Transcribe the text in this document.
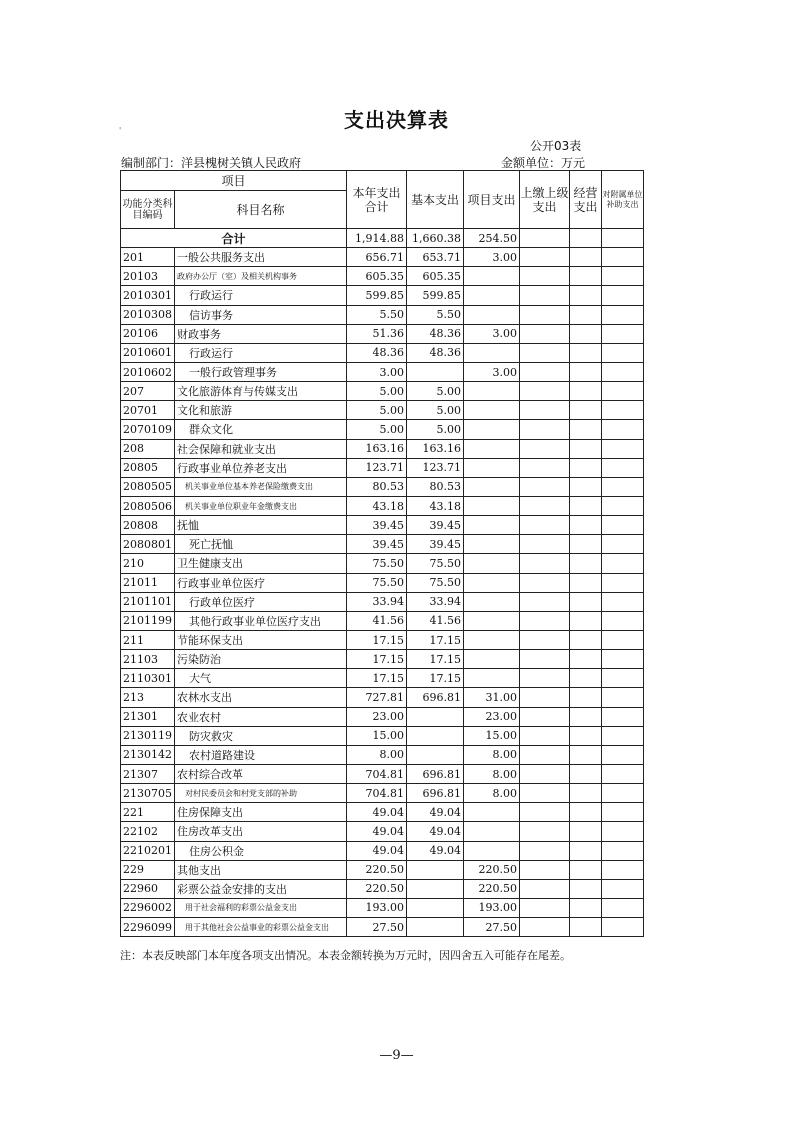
支出决算表
'
公开03表
编制部门：洋县槐树关镇人民政府	金额单位：万元
项目		本年支出合计	基本支出	项目支出	上缴上级支出	经营支出	对附属单位补助支出
功能分类科目编码	科目名称						
合计		1,914.88	1,660.38	254.50			
201	一般公共服务支出	656.71	653.71	3.00			
20103	政府办公厅（室）及相关机构事务	605.35	605.35				
2010301	行政运行	599.85	599.85				
2010308	信访事务	5.50	5.50				
20106	财政事务	51.36	48.36	3.00			
2010601	行政运行	48.36	48.36				
2010602	一般行政管理事务	3.00		3.00			
207	文化旅游体育与传媒支出	5.00	5.00				
20701	文化和旅游	5.00	5.00				
2070109	群众文化	5.00	5.00				
208	社会保障和就业支出	163.16	163.16				
20805	行政事业单位养老支出	123.71	123.71				
2080505	机关事业单位基本养老保险缴费支出	80.53	80.53				
2080506	机关事业单位职业年金缴费支出	43.18	43.18				
20808	抚恤	39.45	39.45				
2080801	死亡抚恤	39.45	39.45				
210	卫生健康支出	75.50	75.50				
21011	行政事业单位医疗	75.50	75.50				
2101101	行政单位医疗	33.94	33.94				
2101199	其他行政事业单位医疗支出	41.56	41.56				
211	节能环保支出	17.15	17.15				
21103	污染防治	17.15	17.15				
2110301	大气	17.15	17.15				
213	农林水支出	727.81	696.81	31.00			
21301	农业农村	23.00		23.00			
2130119	防灾救灾	15.00		15.00			
2130142	农村道路建设	8.00		8.00			
21307	农村综合改革	704.81	696.81	8.00			
2130705	对村民委员会和村党支部的补助	704.81	696.81	8.00			
221	住房保障支出	49.04	49.04				
22102	住房改革支出	49.04	49.04				
2210201	住房公积金	49.04	49.04				
229	其他支出	220.50		220.50			
22960	彩票公益金安排的支出	220.50		220.50			
2296002	用于社会福利的彩票公益金支出	193.00		193.00			
2296099	用于其他社会公益事业的彩票公益金支出	27.50		27.50			
注：本表反映部门本年度各项支出情况。本表金额转换为万元时，因四舍五入可能存在尾差。
—9—
